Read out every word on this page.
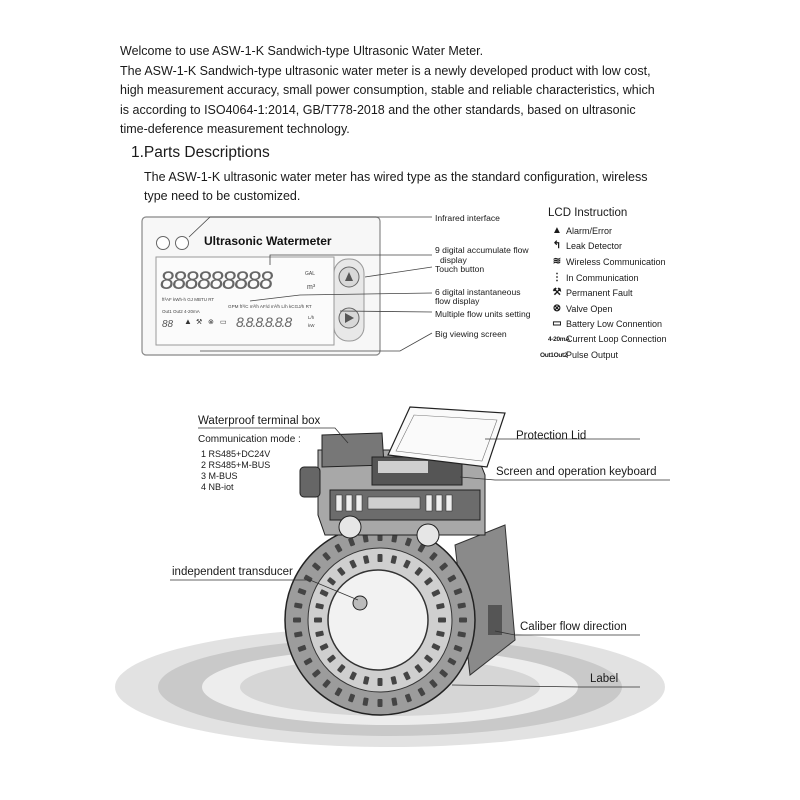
Welcome to use ASW-1-K Sandwich-type Ultrasonic Water Meter.

The ASW-1-K Sandwich-type ultrasonic water meter is a newly developed product with low cost,

high measurement accuracy, small power consumption, stable and reliable characteristics, which

is according to ISO4064-1:2014, GB/T778-2018 and the other standards, based on ultrasonic

time-deference measurement technology.

1.Parts Descriptions

The ASW-1-K ultrasonic water meter has wired type as the standard configuration, wireless

type need to be customized.

Ultrasonic Watermeter
888888888	GAL
m³
ft³AF kWh-h GJ MBTU RT
GPM ft³/C m³/h AF/d m³/h L/h kCGJ/h RT
Out1 Out2 4-20mA
88 ▲ ⚒ ⊗ ▭ 8.8.8.8.8.8	L/h
kW
Infrared interface
9 digital accumulate flow
display
Touch button
6 digital instantaneous
flow display
Multiple flow units setting
Big viewing screen
LCD Instruction
▲ Alarm/Error
↰ Leak Detector
≋ Wireless Communication
⋮ In Communication
⚒ Permanent Fault
⊗ Valve Open
▭ Battery Low Connention
4-20mA
Current Loop Connection
Out1Out2
Pulse Output
Waterproof terminal box
Communication mode :
1 RS485+DC24V
2 RS485+M-BUS
3 M-BUS
4 NB-iot
Protection Lid
Screen and operation keyboard
independent transducer
Caliber flow direction
Label
